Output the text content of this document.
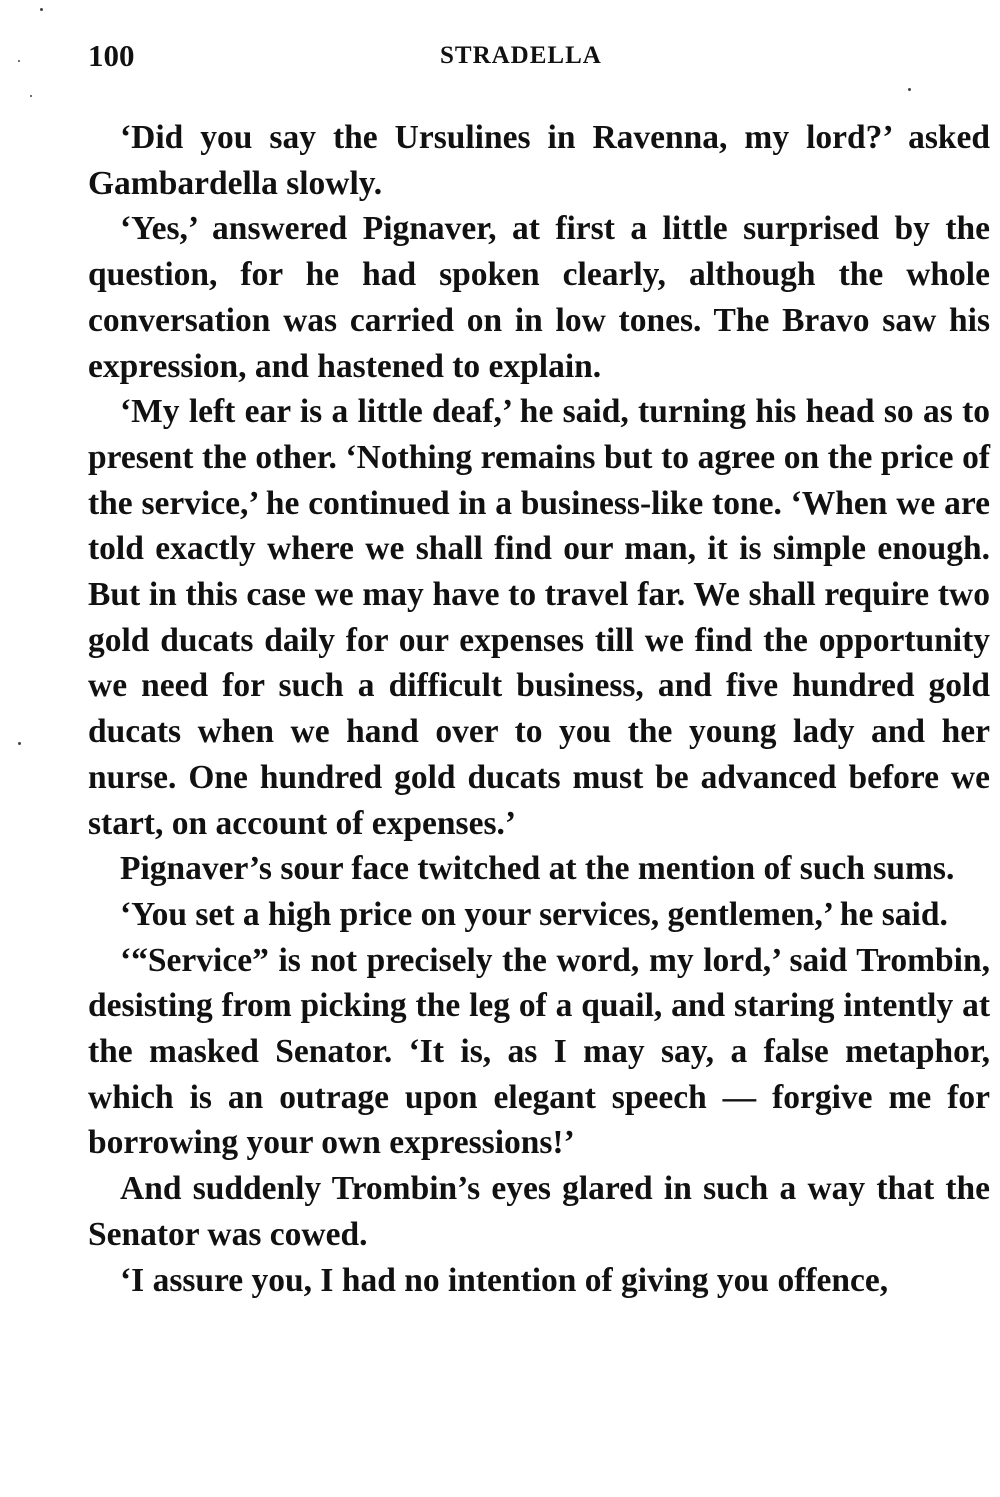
100	STRADELLA

‘Did you say the Ursulines in Ravenna, my lord?’ asked Gambardella slowly.

‘Yes,’ answered Pignaver, at first a little surprised by the question, for he had spoken clearly, although the whole conversation was carried on in low tones. The Bravo saw his expression, and hastened to explain.

‘My left ear is a little deaf,’ he said, turning his head so as to present the other. ‘Nothing remains but to agree on the price of the service,’ he continued in a business-like tone. ‘When we are told exactly where we shall find our man, it is simple enough. But in this case we may have to travel far. We shall require two gold ducats daily for our expenses till we find the opportunity we need for such a difficult business, and five hundred gold ducats when we hand over to you the young lady and her nurse. One hundred gold ducats must be advanced before we start, on account of expenses.’

Pignaver’s sour face twitched at the mention of such sums.

‘You set a high price on your services, gentlemen,’ he said.

‘“Service” is not precisely the word, my lord,’ said Trombin, desisting from picking the leg of a quail, and staring intently at the masked Senator. ‘It is, as I may say, a false metaphor, which is an outrage upon elegant speech — forgive me for borrowing your own expressions!’

And suddenly Trombin’s eyes glared in such a way that the Senator was cowed.

‘I assure you, I had no intention of giving you offence,
